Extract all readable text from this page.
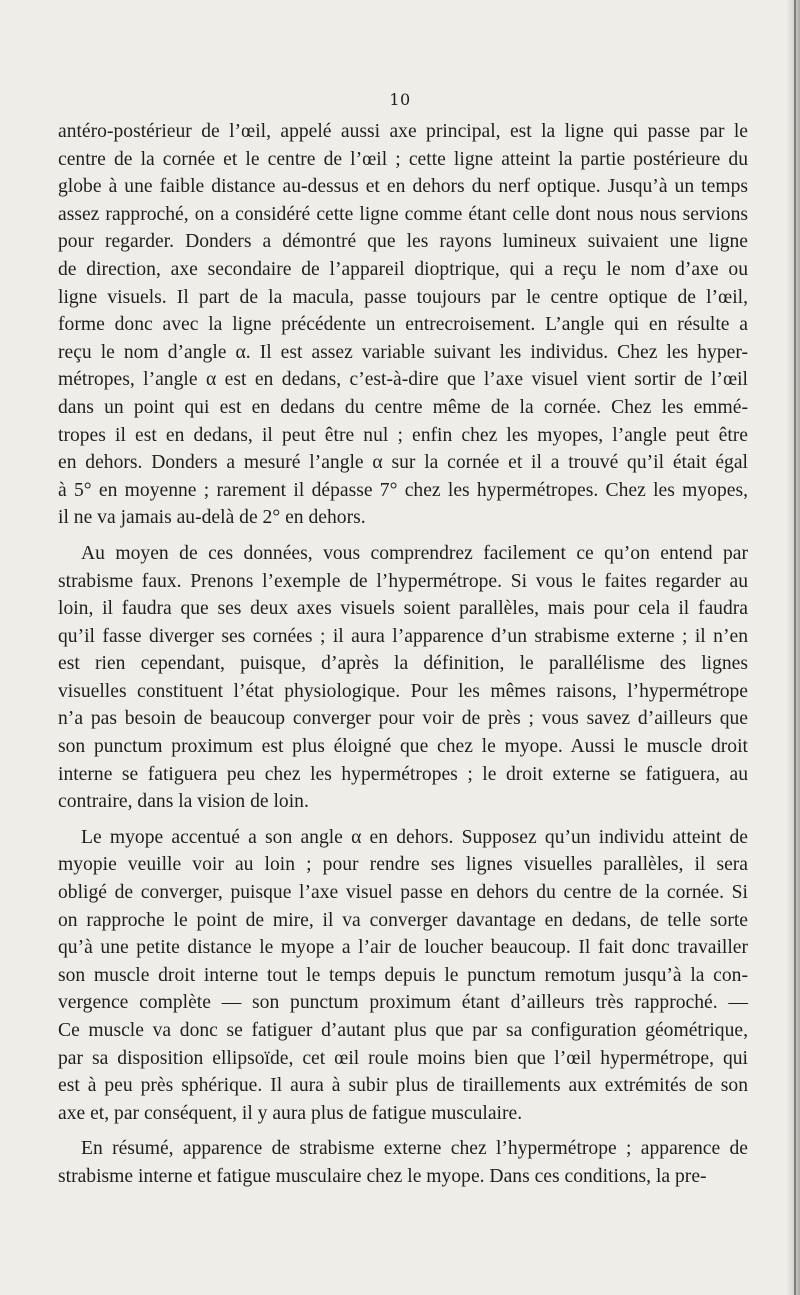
10
antéro-postérieur de l’œil, appelé aussi axe principal, est la ligne qui passe par le
centre de la cornée et le centre de l’œil ; cette ligne atteint la partie postérieure du
globe à une faible distance au-dessus et en dehors du nerf optique. Jusqu’à un temps
assez rapproché, on a considéré cette ligne comme étant celle dont nous nous servions
pour regarder. Donders a démontré que les rayons lumineux suivaient une ligne
de direction, axe secondaire de l’appareil dioptrique, qui a reçu le nom d’axe ou
ligne visuels. Il part de la macula, passe toujours par le centre optique de l’œil,
forme donc avec la ligne précédente un entrecroisement. L’angle qui en résulte a
reçu le nom d’angle α. Il est assez variable suivant les individus. Chez les hyper-
métropes, l’angle α est en dedans, c’est-à-dire que l’axe visuel vient sortir de l’œil
dans un point qui est en dedans du centre même de la cornée. Chez les emmé-
tropes il est en dedans, il peut être nul ; enfin chez les myopes, l’angle peut être
en dehors. Donders a mesuré l’angle α sur la cornée et il a trouvé qu’il était égal
à 5° en moyenne ; rarement il dépasse 7° chez les hypermétropes. Chez les myopes,
il ne va jamais au-delà de 2° en dehors.
Au moyen de ces données, vous comprendrez facilement ce qu’on entend par
strabisme faux. Prenons l’exemple de l’hypermétrope. Si vous le faites regarder au
loin, il faudra que ses deux axes visuels soient parallèles, mais pour cela il faudra
qu’il fasse diverger ses cornées ; il aura l’apparence d’un strabisme externe ; il n’en
est rien cependant, puisque, d’après la définition, le parallélisme des lignes
visuelles constituent l’état physiologique. Pour les mêmes raisons, l’hypermétrope
n’a pas besoin de beaucoup converger pour voir de près ; vous savez d’ailleurs que
son punctum proximum est plus éloigné que chez le myope. Aussi le muscle droit
interne se fatiguera peu chez les hypermétropes ; le droit externe se fatiguera, au
contraire, dans la vision de loin.
Le myope accentué a son angle α en dehors. Supposez qu’un individu atteint de
myopie veuille voir au loin ; pour rendre ses lignes visuelles parallèles, il sera
obligé de converger, puisque l’axe visuel passe en dehors du centre de la cornée. Si
on rapproche le point de mire, il va converger davantage en dedans, de telle sorte
qu’à une petite distance le myope a l’air de loucher beaucoup. Il fait donc travailler
son muscle droit interne tout le temps depuis le punctum remotum jusqu’à la con-
vergence complète — son punctum proximum étant d’ailleurs très rapproché. —
Ce muscle va donc se fatiguer d’autant plus que par sa configuration géométrique,
par sa disposition ellipsoïde, cet œil roule moins bien que l’œil hypermétrope, qui
est à peu près sphérique. Il aura à subir plus de tiraillements aux extrémités de son
axe et, par conséquent, il y aura plus de fatigue musculaire.
En résumé, apparence de strabisme externe chez l’hypermétrope ; apparence de
strabisme interne et fatigue musculaire chez le myope. Dans ces conditions, la pre-
